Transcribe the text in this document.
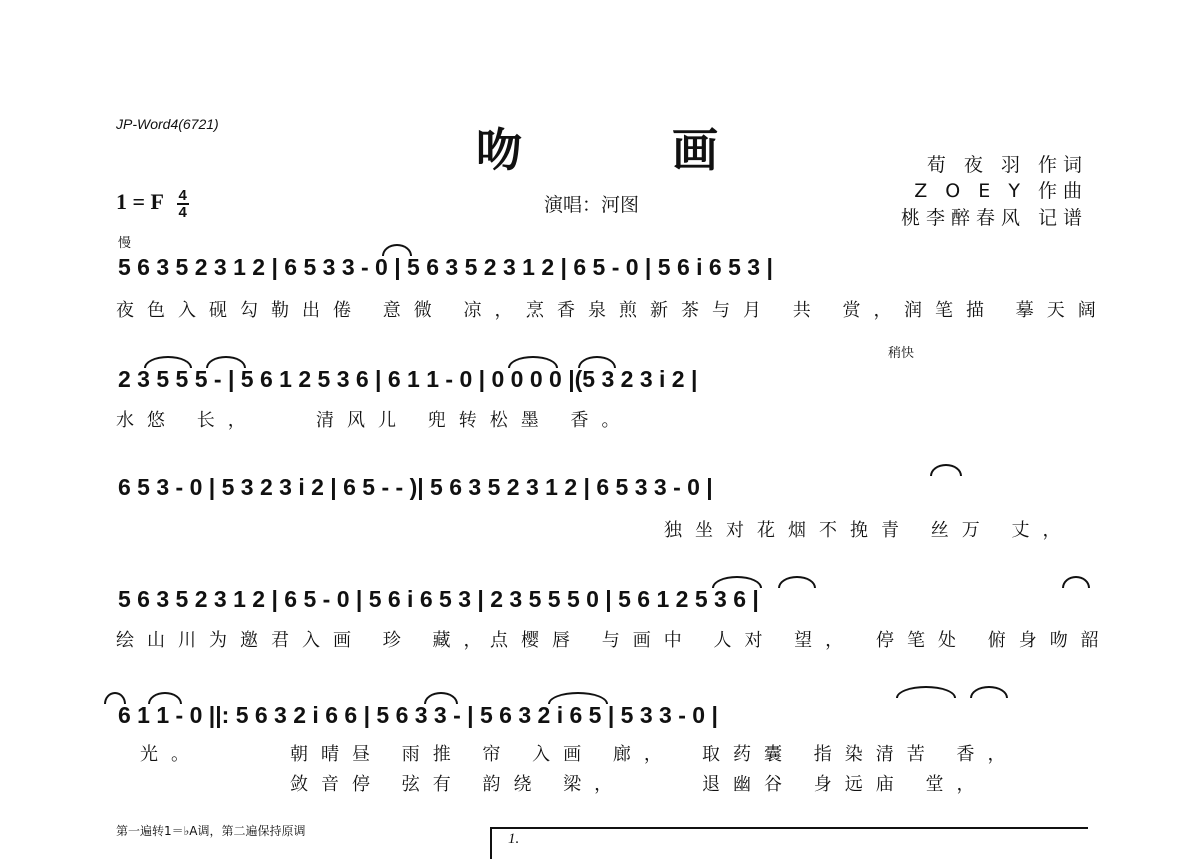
JP-Word4(6721)	吻画	荀 夜 羽 作词
Z O E Y 作曲
桃李醉春风 记谱
1 = F $\frac{4}{4}$	演唱：河图
慢
稍快
5 6 3 5 2 3 1 2 | 6 5 3 3 - 0 | 5 6 3 5 2 3 1 2 | 6 5 - 0 | 5 6 i 6 5 3 |
夜色入砚勾勒出倦 意微 凉， 烹香泉煎新茶与月 共 赏， 润笔描 摹天阔
2 3 5 5 5 - | 5 6 1 2 5 3 6 | 6 1 1 - 0 | 0 0 0 0 |(5 3 2 3 i 2 |
水悠 长，	清风儿 兜转松墨 香。
6 5 3 - 0 | 5 3 2 3 i 2 | 6 5 - - )| 5 6 3 5 2 3 1 2 | 6 5 3 3 - 0 |
独坐对花烟不挽青 丝万 丈，
5 6 3 5 2 3 1 2 | 6 5 - 0 | 5 6 i 6 5 3 | 2 3 5 5 5 0 | 5 6 1 2 5 3 6 |
绘山川为邀君入画 珍 藏，
点樱唇 与画中 人对 望， 停笔处 俯身吻韶
6 1 1 - 0 ||: 5 6 3 2 i 6 6 | 5 6 3 3 - | 5 6 3 2 i 6 5 | 5 3 3 - 0 |
光。	朝晴昼 雨推 帘 入画 廊， 取药囊 指染清苦 香，
敛音停 弦有 韵绕 梁，	退幽谷 身远庙 堂，
第一遍转1＝♭A调，第二遍保持原调	1.
